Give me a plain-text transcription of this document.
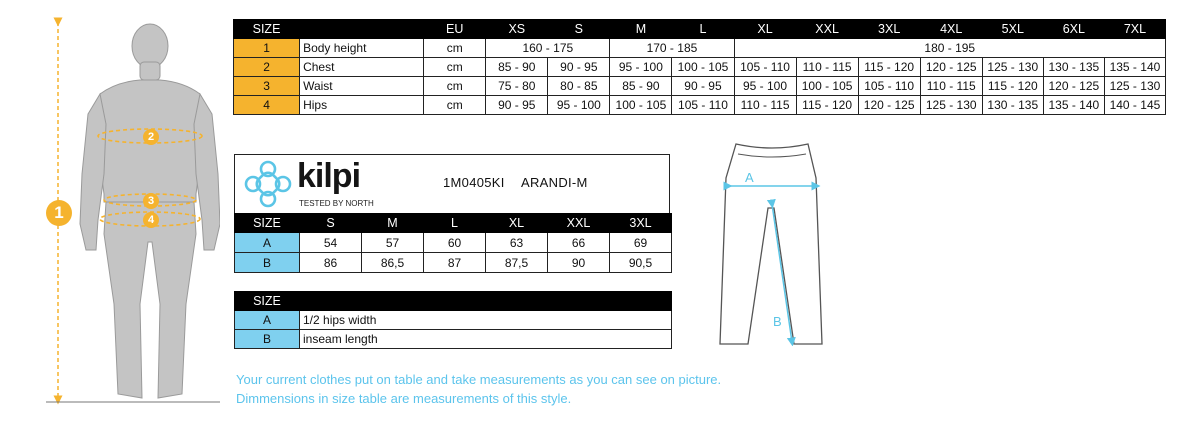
1
2
3
4
SIZE		EU	XS	S	M	L	XL	XXL	3XL	4XL	5XL	6XL	7XL
1	Body height	cm	160 - 175		170 - 185		180 - 195						
2	Chest	cm	85 - 90	90 - 95	95 - 100	100 - 105	105 - 110	110 - 115	115 - 120	120 - 125	125 - 130	130 - 135	135 - 140
3	Waist	cm	75 - 80	80 - 85	85 - 90	90 - 95	95 - 100	100 - 105	105 - 110	110 - 115	115 - 120	120 - 125	125 - 130
4	Hips	cm	90 - 95	95 - 100	100 - 105	105 - 110	110 - 115	115 - 120	120 - 125	125 - 130	130 - 135	135 - 140	140 - 145
kilpi
TESTED BY NORTH
1M0405KI ARANDI-M
SIZE	S	M	L	XL	XXL	3XL
A	54	57	60	63	66	69
B	86	86,5	87	87,5	90	90,5
SIZE	
A	1/2 hips width
B	inseam length
A
B
Your current clothes put on table and take measurements as you can see on picture.
Dimmensions in size table are measurements of this style.
